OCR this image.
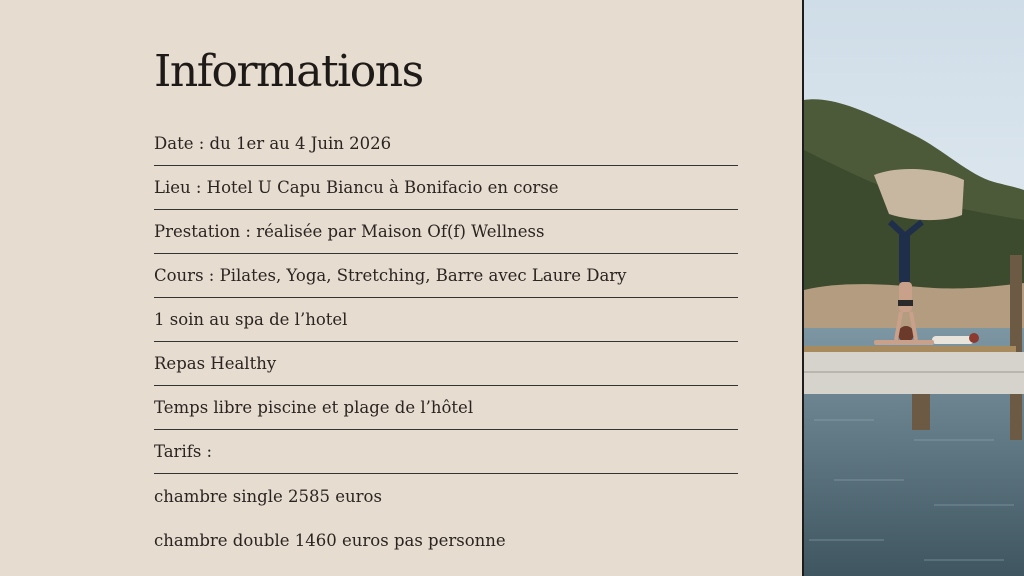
Informations
Date : du 1er au 4 Juin 2026
Lieu : Hotel U Capu Biancu à Bonifacio en corse
Prestation : réalisée par Maison Of(f) Wellness
Cours : Pilates, Yoga, Stretching, Barre avec Laure Dary
1 soin au spa de l’hotel
Repas Healthy
Temps libre piscine et plage de l’hôtel
Tarifs :
chambre single 2585 euros
chambre double 1460 euros pas personne
